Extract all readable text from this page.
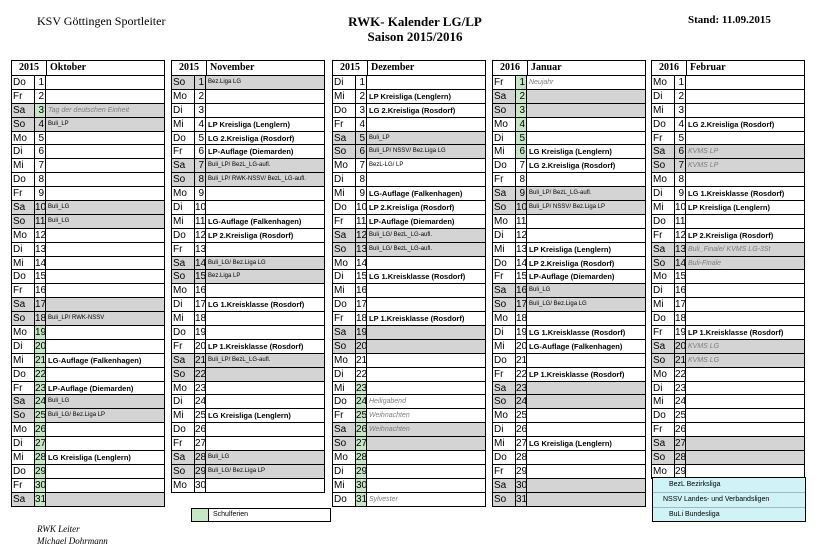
KSV Göttingen Sportleiter	RWK- Kalender LG/LP
Saison 2015/2016
Stand: 11.09.2015
2015	Oktober
Do	1
Fr	2
Sa	3 Tag der deutschen Einheit
So	4 Buli_LP
Mo	5
Di	6
Mi	7
Do	8
Fr	9
Sa 10 Buli_LG
So 11 Buli_LG
Mo 12
Di	13
Mi	14
Do 15
Fr	16
Sa 17
So 18 Buli_LP/ RWK-NSSV
Mo 19
Di	20
Mi	21 LG-Auflage (Falkenhagen)
Do 22
Fr	23 LP-Auflage (Diemarden)
Sa 24 Buli_LG
So 25 Buli_LG/ Bez.Liga LP
Mo 26
Di	27
Mi	28 LG Kreisliga (Lenglern)
Do 29
Fr	30
Sa 31
2015	November
So	1 Bez.Liga LG
Mo	2
Di	3
Mi	4 LP Kreisliga (Lenglern)
Do	5 LG 2.Kreisliga (Rosdorf)
Fr	6 LP-Auflage (Diemarden)
Sa	7 Buli_LP/ BezL_LG-aufl.
So	8 Buli_LP/ RWK-NSSV/ BezL_LG-aufl.
Mo	9
Di	10
Mi	11 LG-Auflage (Falkenhagen)
Do 12 LP 2.Kreisliga (Rosdorf)
Fr	13
Sa 14 Buli_LG/ Bez.Liga LG
So 15 Bez.Liga LP
Mo 16
Di	17 LG 1.Kreisklasse (Rosdorf)
Mi	18
Do 19
Fr	20 LP 1.Kreisklasse (Rosdorf)
Sa 21 Buli_LP/ BezL_LG-aufl.
So 22
Mo 23
Di	24
Mi	25 LG Kreisliga (Lenglern)
Do 26
Fr	27
Sa 28 Buli_LG
So 29 Buli_LG/ Bez.Liga LP
Mo 30
2015	Dezember
Di	1
Mi	2 LP Kreisliga (Lenglern)
Do	3 LG 2.Kreisliga (Rosdorf)
Fr	4
Sa	5 Buli_LP
So	6 Buli_LP/ NSSV/ Bez.Liga LG
Mo	7 BezL-LG/ LP
Di	8
Mi	9 LG-Auflage (Falkenhagen)
Do 10 LP 2.Kreisliga (Rosdorf)
Fr	11 LP-Auflage (Diemarden)
Sa 12 Buli_LG/ BezL_LG-aufl.
So 13 Buli_LG/ BezL_LG-aufl.
Mo 14
Di	15 LG 1.Kreisklasse (Rosdorf)
Mi	16
Do 17
Fr	18 LP 1.Kreisklasse (Rosdorf)
Sa 19
So 20
Mo 21
Di	22
Mi	23
Do 24 Heiligabend
Fr	25 Weihnachten
Sa 26 Weihnachten
So 27
Mo 28
Di	29
Mi	30
Do 31 Sylvester
2016	Januar
Fr	1 Neujahr
Sa	2
So	3
Mo	4
Di	5
Mi	6 LG Kreisliga (Lenglern)
Do	7 LG 2.Kreisliga (Rosdorf)
Fr	8
Sa	9 Buli_LP/ BezL_LG-aufl.
So 10 Buli_LP/ NSSV/ Bez.Liga LP
Mo 11
Di	12
Mi	13 LP Kreisliga (Lenglern)
Do 14 LP 2.Kreisliga (Rosdorf)
Fr	15 LP-Auflage (Diemarden)
Sa 16 Buli_LG
So 17 Buli_LG/ Bez.Liga LG
Mo 18
Di	19 LG 1.Kreisklasse (Rosdorf)
Mi	20 LG-Auflage (Falkenhagen)
Do 21
Fr	22 LP 1.Kreisklasse (Rosdorf)
Sa 23
So 24
Mo 25
Di	26
Mi	27 LG Kreisliga (Lenglern)
Do 28
Fr	29
Sa 30
So 31
2016	Februar
Mo	1
Di	2
Mi	3
Do	4 LG 2.Kreisliga (Rosdorf)
Fr	5
Sa	6 KVMS LP
So	7 KVMS LP
Mo	8
Di	9 LG 1.Kreisklasse (Rosdorf)
Mi	10 LP Kreisliga (Lenglern)
Do 11
Fr	12 LP 2.Kreisliga (Rosdorf)
Sa 13 Buli_Finale/ KVMS LG-3St
So 14 Buli-Finale
Mo 15
Di	16
Mi	17
Do 18
Fr	19 LP 1.Kreisklasse (Rosdorf)
Sa 20 KVMS LG
So 21 KVMS LG
Mo 22
Di	23
Mi	24
Do 25
Fr	26
Sa 27
So 28
Mo 29
Schulferien
BezL Bezirksliga
NSSV Landes- und Verbandsligen
BuLi Bundesliga
RWK Leiter
Michael Dohrmann
